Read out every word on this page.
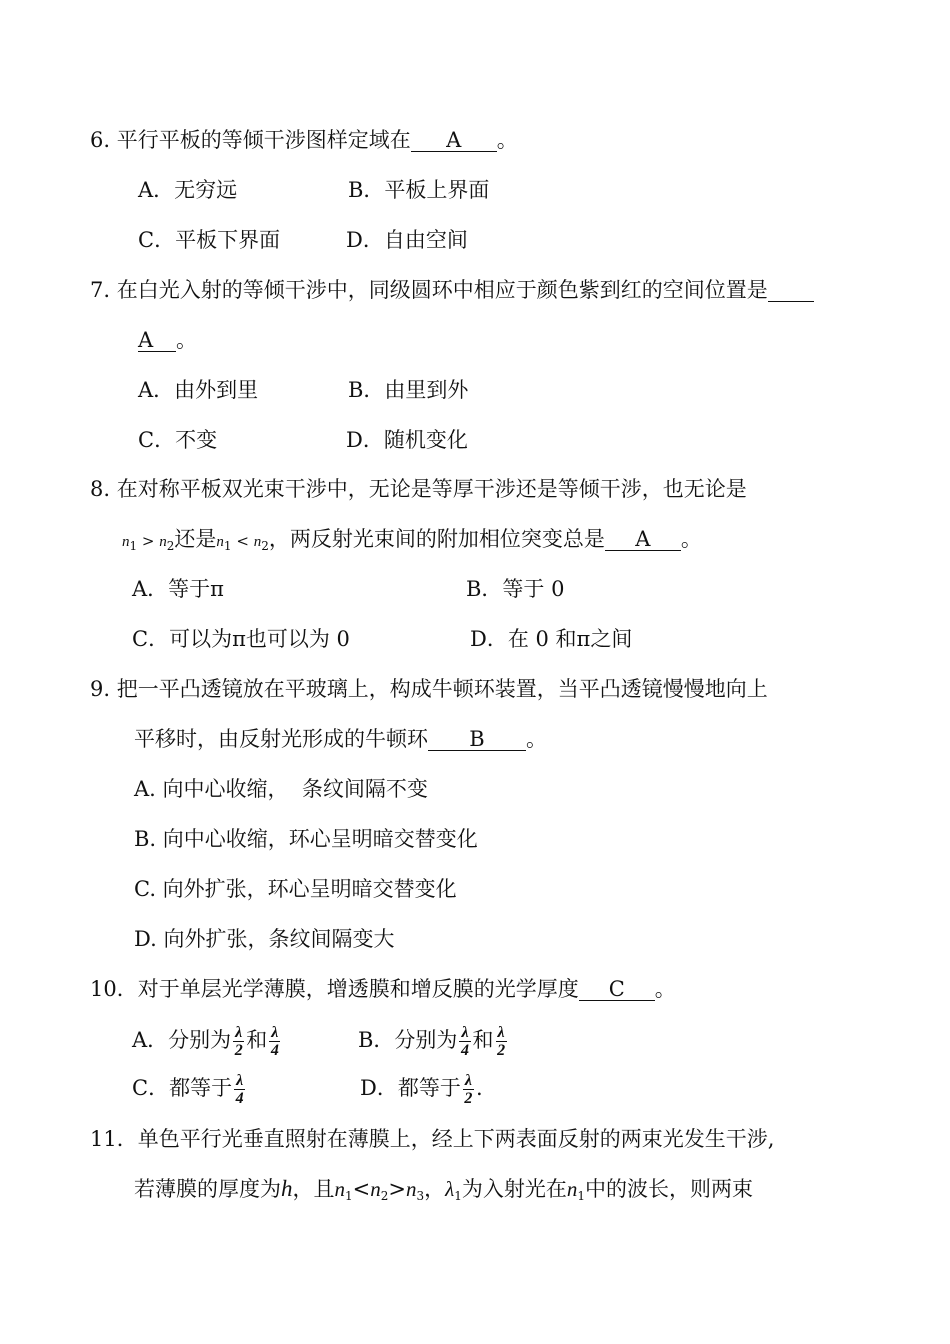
6. 平行平板的等倾干涉图样定域在 A 。
A．无穷远	B．平板上界面
C．平板下界面	D．自由空间
7. 在白光入射的等倾干涉中，同级圆环中相应于颜色紫到红的空间位置是
A 。
A．由外到里	B．由里到外
C．不变	D．随机变化
8. 在对称平板双光束干涉中，无论是等厚干涉还是等倾干涉，也无论是
$n_1 > n_2$还是$n_1 < n_2$，两反射光束间的附加相位突变总是 A 。
A．等于π	B．等于 0
C．可以为π也可以为 0	D．在 0 和π之间
9. 把一平凸透镜放在平玻璃上，构成牛顿环装置，当平凸透镜慢慢地向上
平移时，由反射光形成的牛顿环 B 。
A. 向中心收缩，  条纹间隔不变
B. 向中心收缩，环心呈明暗交替变化
C. 向外扩张，环心呈明暗交替变化
D. 向外扩张，条纹间隔变大
10．对于单层光学薄膜，增透膜和增反膜的光学厚度 C 。
A．分别为 $\frac{\lambda}{2}$ 和 $\frac{\lambda}{4}$	B．分别为 $\frac{\lambda}{4}$ 和 $\frac{\lambda}{2}$
C．都等于 $\frac{\lambda}{4}$	D．都等于 $\frac{\lambda}{2}$ .
11．单色平行光垂直照射在薄膜上，经上下两表面反射的两束光发生干涉,
若薄膜的厚度为h，且$n_1<n_2>n_3$，$\lambda_1$为入射光在$n_1$中的波长，则两束
